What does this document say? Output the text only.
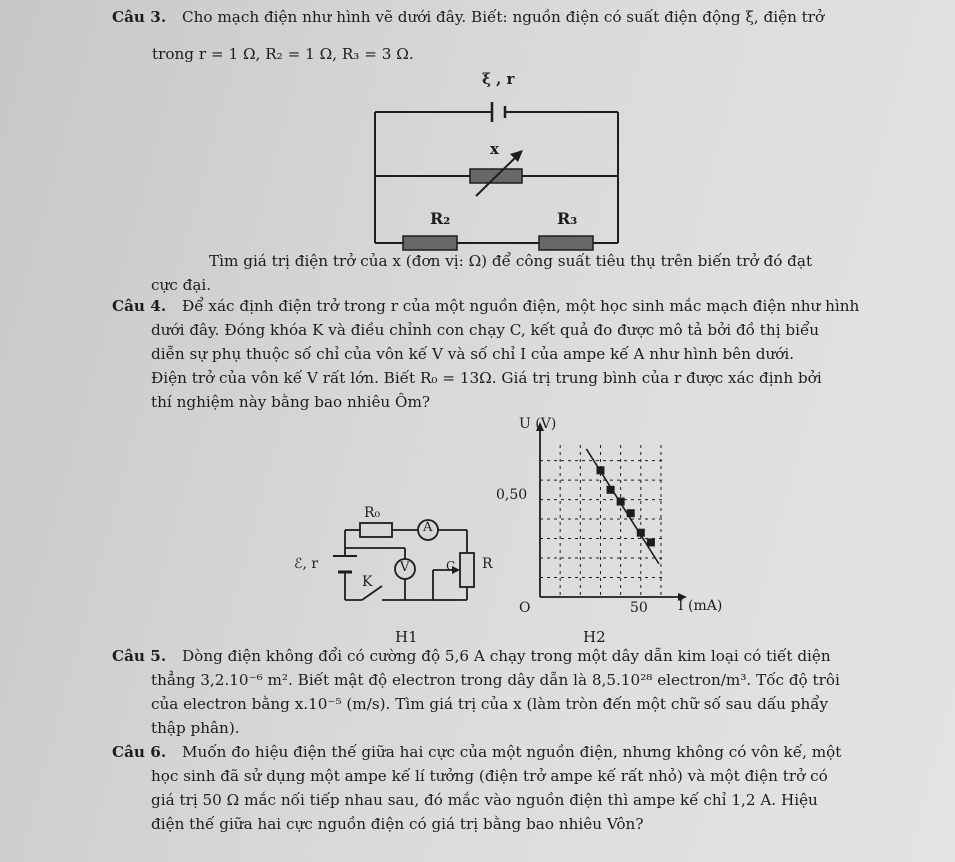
Câu 3. Cho mạch điện như hình vẽ dưới đây. Biết: nguồn điện có suất điện động ξ, điện trở
trong r = 1 Ω, R₂ = 1 Ω, R₃ = 3 Ω.
ξ , r
x
R₂	R₃
Tìm giá trị điện trở của x (đơn vị: Ω) để công suất tiêu thụ trên biến trở đó đạt
cực đại.
Câu 4. Để xác định điện trở trong r của một nguồn điện, một học sinh mắc mạch điện như hình
dưới đây. Đóng khóa K và điều chỉnh con chạy C, kết quả đo được mô tả bởi đồ thị biểu
diễn sự phụ thuộc số chỉ của vôn kế V và số chỉ I của ampe kế A như hình bên dưới.
Điện trở của vôn kế V rất lớn. Biết R₀ = 13Ω. Giá trị trung bình của r được xác định bởi
thí nghiệm này bằng bao nhiêu Ôm?
R₀
A
ℰ, r	V	C R
K
H1
U (V)
I (mA)
O
0,50
50
H2
Câu 5. Dòng điện không đổi có cường độ 5,6 A chạy trong một dây dẫn kim loại có tiết diện
thẳng 3,2.10⁻⁶ m². Biết mật độ electron trong dây dẫn là 8,5.10²⁸ electron/m³. Tốc độ trôi
của electron bằng x.10⁻⁵ (m/s). Tìm giá trị của x (làm tròn đến một chữ số sau dấu phẩy
thập phân).
Câu 6. Muốn đo hiệu điện thế giữa hai cực của một nguồn điện, nhưng không có vôn kế, một
học sinh đã sử dụng một ampe kế lí tưởng (điện trở ampe kế rất nhỏ) và một điện trở có
giá trị 50 Ω mắc nối tiếp nhau sau, đó mắc vào nguồn điện thì ampe kế chỉ 1,2 A. Hiệu
điện thế giữa hai cực nguồn điện có giá trị bằng bao nhiêu Vôn?
